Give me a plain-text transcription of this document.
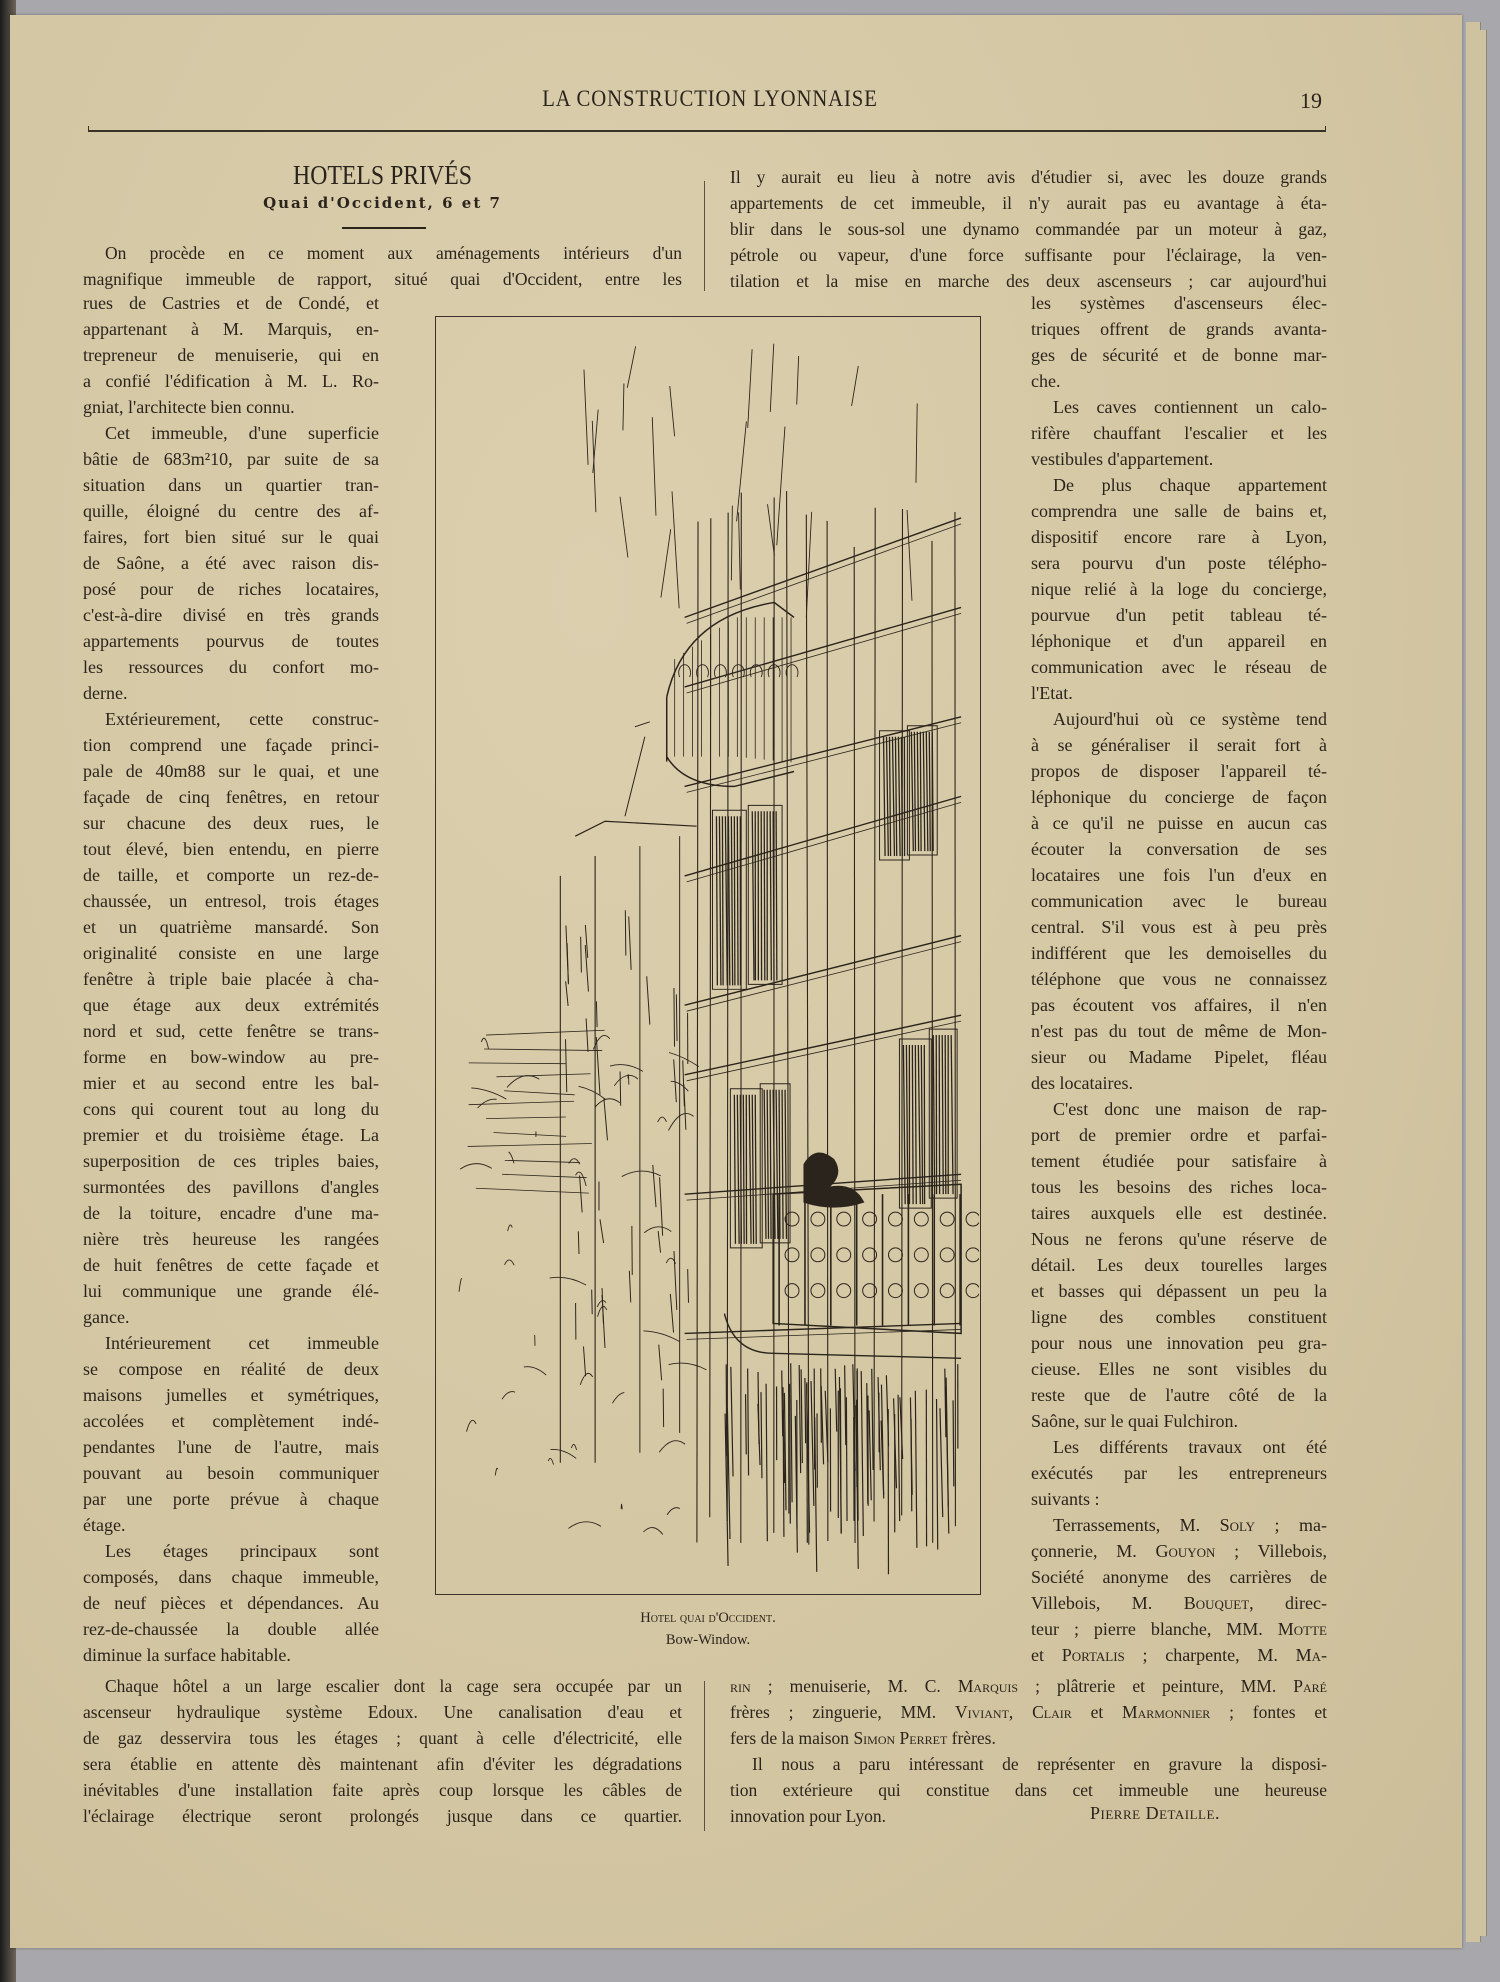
LA CONSTRUCTION LYONNAISE	19
HOTELS PRIVÉS
Quai d'Occident, 6 et 7
On procède en ce moment aux aménagements intérieurs d'un
magnifique immeuble de rapport, situé quai d'Occident, entre les
rues de Castries et de Condé, et
appartenant à M. Marquis, en-
trepreneur de menuiserie, qui en
a confié l'édification à M. L. Ro-
gniat, l'architecte bien connu.
Cet immeuble, d'une superficie
bâtie de 683m²10, par suite de sa
situation dans un quartier tran-
quille, éloigné du centre des af-
faires, fort bien situé sur le quai
de Saône, a été avec raison dis-
posé pour de riches locataires,
c'est-à-dire divisé en très grands
appartements pourvus de toutes
les ressources du confort mo-
derne.
Extérieurement, cette construc-
tion comprend une façade princi-
pale de 40m88 sur le quai, et une
façade de cinq fenêtres, en retour
sur chacune des deux rues, le
tout élevé, bien entendu, en pierre
de taille, et comporte un rez-de-
chaussée, un entresol, trois étages
et un quatrième mansardé. Son
originalité consiste en une large
fenêtre à triple baie placée à cha-
que étage aux deux extrémités
nord et sud, cette fenêtre se trans-
forme en bow-window au pre-
mier et au second entre les bal-
cons qui courent tout au long du
premier et du troisième étage. La
superposition de ces triples baies,
surmontées des pavillons d'angles
de la toiture, encadre d'une ma-
nière très heureuse les rangées
de huit fenêtres de cette façade et
lui communique une grande élé-
gance.
Intérieurement cet immeuble
se compose en réalité de deux
maisons jumelles et symétriques,
accolées et complètement indé-
pendantes l'une de l'autre, mais
pouvant au besoin communiquer
par une porte prévue à chaque
étage.
Les étages principaux sont
composés, dans chaque immeuble,
de neuf pièces et dépendances. Au
rez-de-chaussée la double allée
diminue la surface habitable.
Chaque hôtel a un large escalier dont la cage sera occupée par un
ascenseur hydraulique système Edoux. Une canalisation d'eau et
de gaz desservira tous les étages ; quant à celle d'électricité, elle
sera établie en attente dès maintenant afin d'éviter les dégradations
inévitables d'une installation faite après coup lorsque les câbles de
l'éclairage électrique seront prolongés jusque dans ce quartier.
Il y aurait eu lieu à notre avis d'étudier si, avec les douze grands
appartements de cet immeuble, il n'y aurait pas eu avantage à éta-
blir dans le sous-sol une dynamo commandée par un moteur à gaz,
pétrole ou vapeur, d'une force suffisante pour l'éclairage, la ven-
tilation et la mise en marche des deux ascenseurs ; car aujourd'hui
les systèmes d'ascenseurs élec-
triques offrent de grands avanta-
ges de sécurité et de bonne mar-
che.
Les caves contiennent un calo-
rifère chauffant l'escalier et les
vestibules d'appartement.
De plus chaque appartement
comprendra une salle de bains et,
dispositif encore rare à Lyon,
sera pourvu d'un poste télépho-
nique relié à la loge du concierge,
pourvue d'un petit tableau té-
léphonique et d'un appareil en
communication avec le réseau de
l'Etat.
Aujourd'hui où ce système tend
à se généraliser il serait fort à
propos de disposer l'appareil té-
léphonique du concierge de façon
à ce qu'il ne puisse en aucun cas
écouter la conversation de ses
locataires une fois l'un d'eux en
communication avec le bureau
central. S'il vous est à peu près
indifférent que les demoiselles du
téléphone que vous ne connaissez
pas écoutent vos affaires, il n'en
n'est pas du tout de même de Mon-
sieur ou Madame Pipelet, fléau
des locataires.
C'est donc une maison de rap-
port de premier ordre et parfai-
tement étudiée pour satisfaire à
tous les besoins des riches loca-
taires auxquels elle est destinée.
Nous ne ferons qu'une réserve de
détail. Les deux tourelles larges
et basses qui dépassent un peu la
ligne des combles constituent
pour nous une innovation peu gra-
cieuse. Elles ne sont visibles du
reste que de l'autre côté de la
Saône, sur le quai Fulchiron.
Les différents travaux ont été
exécutés par les entrepreneurs
suivants :
Terrassements, M. Soly ; ma-
çonnerie, M. Gouyon ; Villebois,
Société anonyme des carrières de
Villebois, M. Bouquet, direc-
teur ; pierre blanche, MM. Motte
et Portalis ; charpente, M. Ma-
rin ; menuiserie, M. C. Marquis ; plâtrerie et peinture, MM. Paré
frères ; zinguerie, MM. Viviant, Clair et Marmonnier ; fontes et
fers de la maison Simon Perret frères.
Il nous a paru intéressant de représenter en gravure la disposi-
tion extérieure qui constitue dans cet immeuble une heureuse
innovation pour Lyon.	Pierre Detaille.
Hotel quai d'Occident.
Bow-Window.
